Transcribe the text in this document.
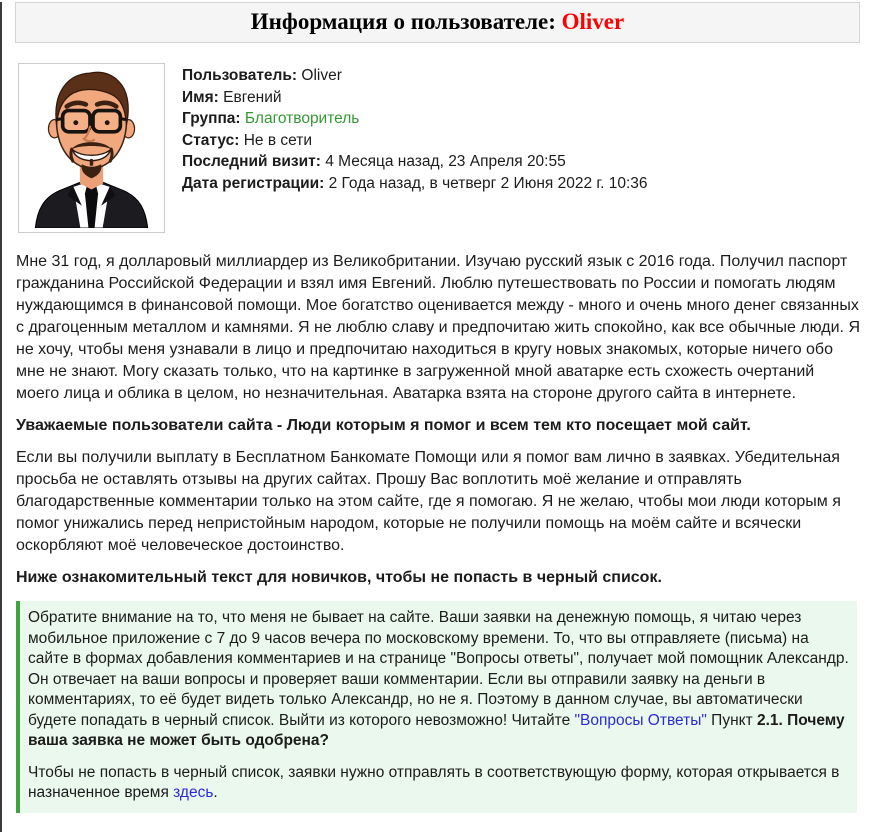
Информация о пользователе: Oliver
Пользователь: Oliver
Имя: Евгений
Группа: Благотворитель
Статус: Не в сети
Последний визит: 4 Месяца назад, 23 Апреля 20:55
Дата регистрации: 2 Года назад, в четверг 2 Июня 2022 г. 10:36

Мне 31 год, я долларовый миллиардер из Великобритании. Изучаю русский язык с 2016 года. Получил паспорт гражданина Российской Федерации и взял имя Евгений. Люблю путешествовать по России и помогать людям нуждающимся в финансовой помощи. Мое богатство оценивается между - много и очень много денег связанных с драгоценным металлом и камнями. Я не люблю славу и предпочитаю жить спокойно, как все обычные люди. Я не хочу, чтобы меня узнавали в лицо и предпочитаю находиться в кругу новых знакомых, которые ничего обо мне не знают. Могу сказать только, что на картинке в загруженной мной аватарке есть схожесть очертаний моего лица и облика в целом, но незначительная. Аватарка взята на стороне другого сайта в интернете.

Уважаемые пользователи сайта - Люди которым я помог и всем тем кто посещает мой сайт.

Если вы получили выплату в Бесплатном Банкомате Помощи или я помог вам лично в заявках. Убедительная просьба не оставлять отзывы на других сайтах. Прошу Вас воплотить моё желание и отправлять благодарственные комментарии только на этом сайте, где я помогаю. Я не желаю, чтобы мои люди которым я помог унижались перед непристойным народом, которые не получили помощь на моём сайте и всячески оскорбляют моё человеческое достоинство.

Ниже ознакомительный текст для новичков, чтобы не попасть в черный список.

Обратите внимание на то, что меня не бывает на сайте. Ваши заявки на денежную помощь, я читаю через мобильное приложение с 7 до 9 часов вечера по московскому времени. То, что вы отправляете (письма) на сайте в формах добавления комментариев и на странице "Вопросы ответы", получает мой помощник Александр. Он отвечает на ваши вопросы и проверяет ваши комментарии. Если вы отправили заявку на деньги в комментариях, то её будет видеть только Александр, но не я. Поэтому в данном случае, вы автоматически будете попадать в черный список. Выйти из которого невозможно! Читайте "Вопросы Ответы" Пункт 2.1. Почему ваша заявка не может быть одобрена?

Чтобы не попасть в черный список, заявки нужно отправлять в соответствующую форму, которая открывается в назначенное время здесь.
